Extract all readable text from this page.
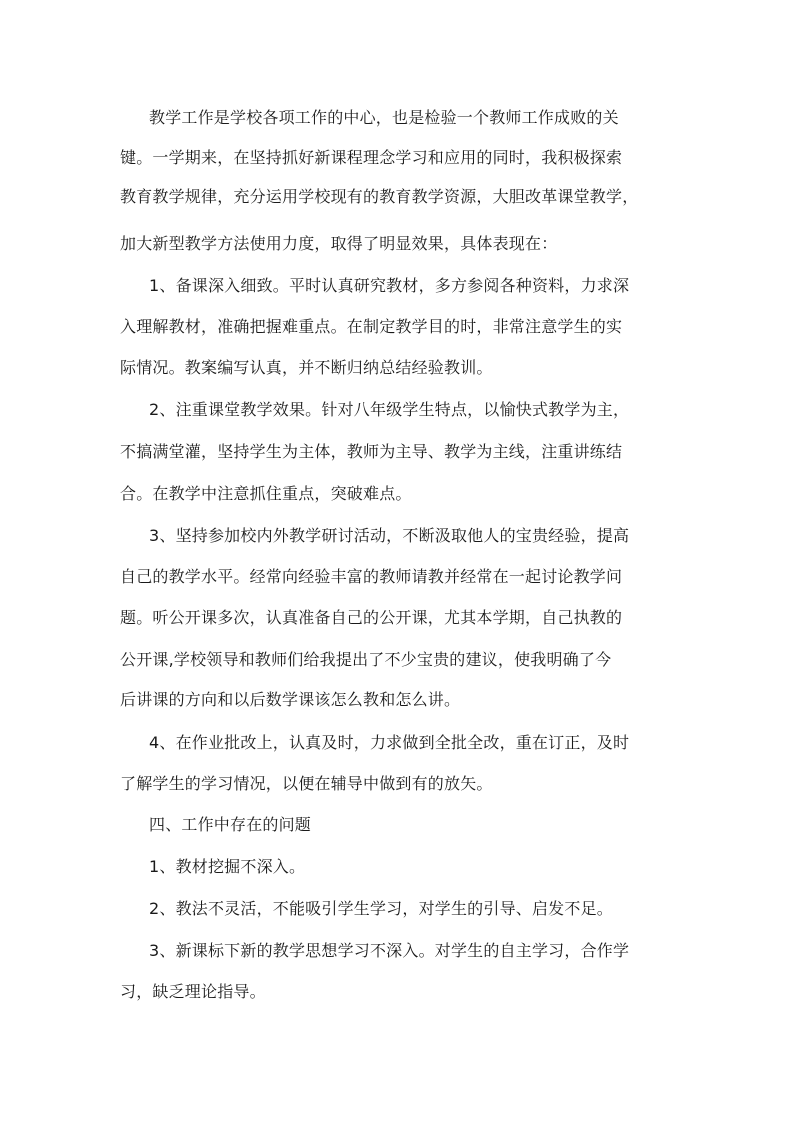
教学工作是学校各项工作的中心，也是检验一个教师工作成败的关
键。一学期来，在坚持抓好新课程理念学习和应用的同时，我积极探索
教育教学规律，充分运用学校现有的教育教学资源，大胆改革课堂教学，
加大新型教学方法使用力度，取得了明显效果，具体表现在：
1、备课深入细致。平时认真研究教材，多方参阅各种资料，力求深
入理解教材，准确把握难重点。在制定教学目的时，非常注意学生的实
际情况。教案编写认真，并不断归纳总结经验教训。
2、注重课堂教学效果。针对八年级学生特点，以愉快式教学为主，
不搞满堂灌，坚持学生为主体，教师为主导、教学为主线，注重讲练结
合。在教学中注意抓住重点，突破难点。
3、坚持参加校内外教学研讨活动，不断汲取他人的宝贵经验，提高
自己的教学水平。经常向经验丰富的教师请教并经常在一起讨论教学问
题。听公开课多次，认真准备自己的公开课，尤其本学期，自己执教的
公开课,学校领导和教师们给我提出了不少宝贵的建议，使我明确了今
后讲课的方向和以后数学课该怎么教和怎么讲。
4、在作业批改上，认真及时，力求做到全批全改，重在订正，及时
了解学生的学习情况，以便在辅导中做到有的放矢。
四、工作中存在的问题
1、教材挖掘不深入。
2、教法不灵活，不能吸引学生学习，对学生的引导、启发不足。
3、新课标下新的教学思想学习不深入。对学生的自主学习，合作学
习，缺乏理论指导。
